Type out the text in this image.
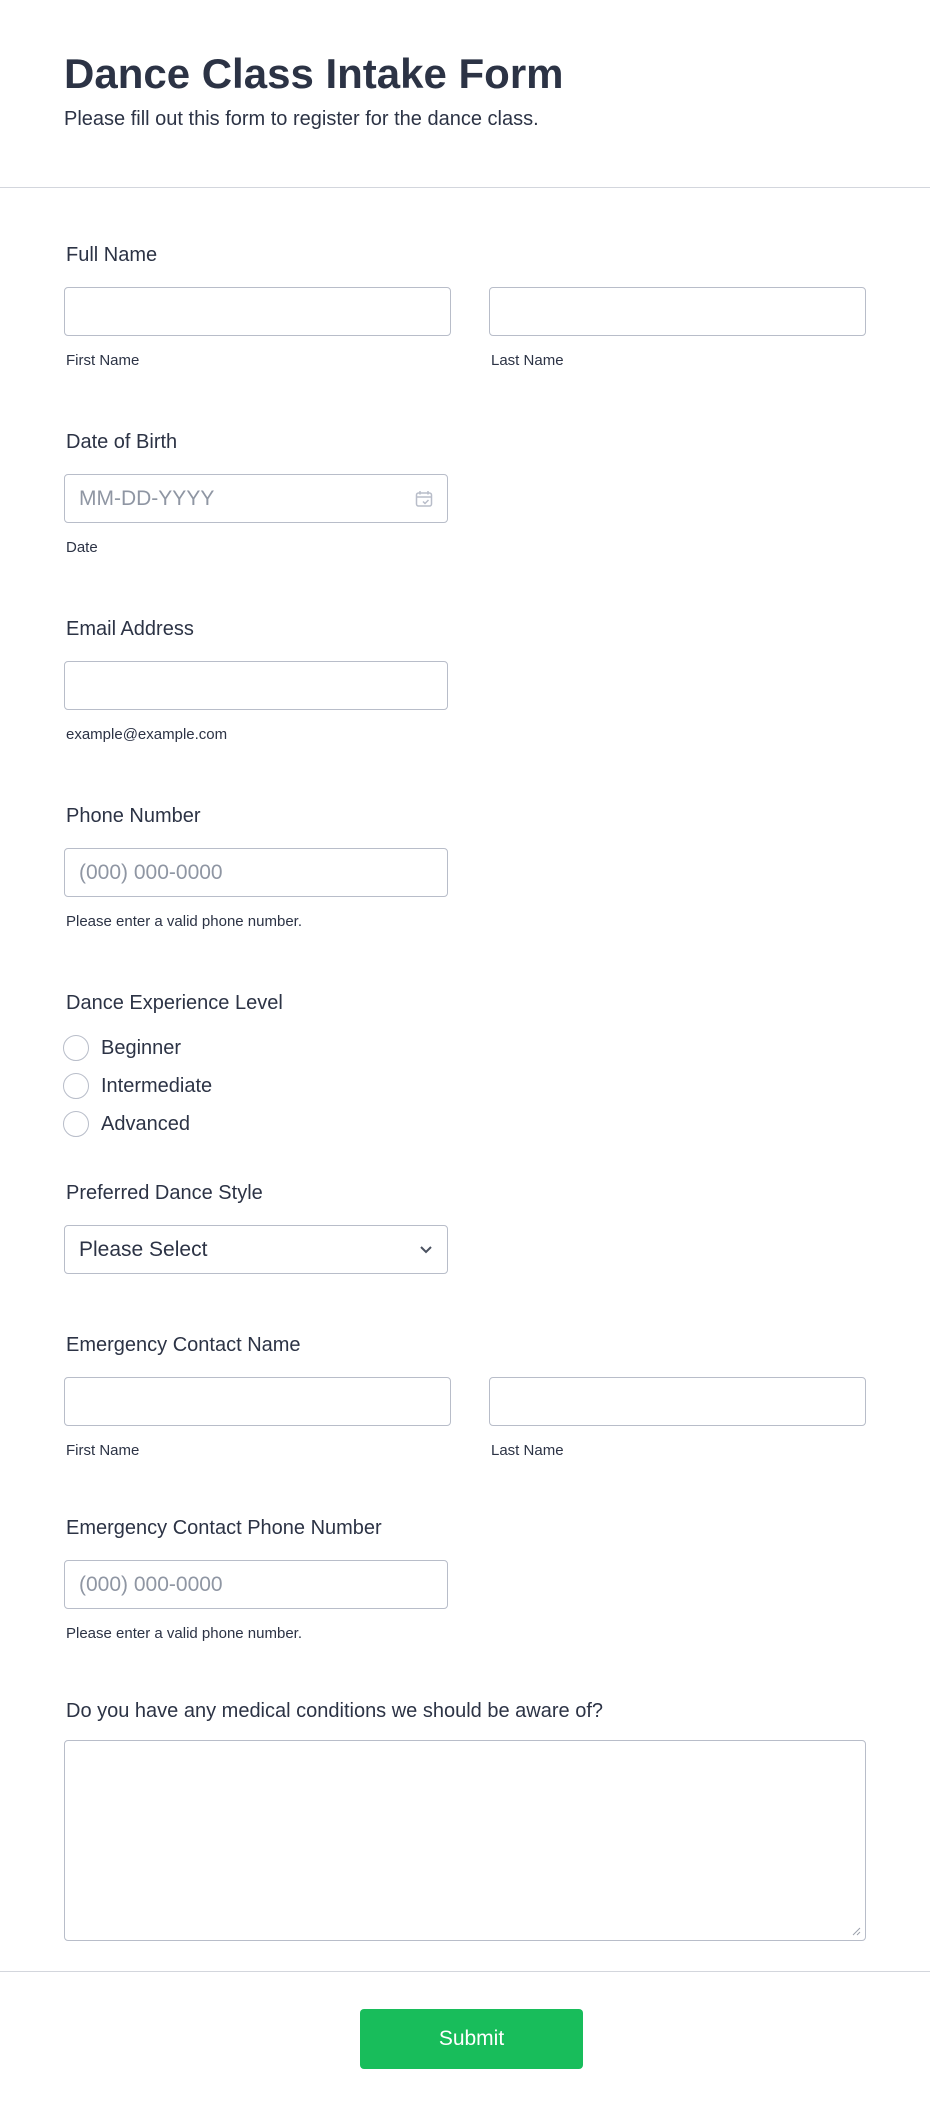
Dance Class Intake Form
Please fill out this form to register for the dance class.
Full Name
First Name	Last Name
Date of Birth
MM-DD-YYYY
Date
Email Address
example@example.com
Phone Number
(000) 000-0000
Please enter a valid phone number.
Dance Experience Level
Beginner
Intermediate
Advanced
Preferred Dance Style
Please Select
Emergency Contact Name
First Name	Last Name
Emergency Contact Phone Number
(000) 000-0000
Please enter a valid phone number.
Do you have any medical conditions we should be aware of?
Submit
